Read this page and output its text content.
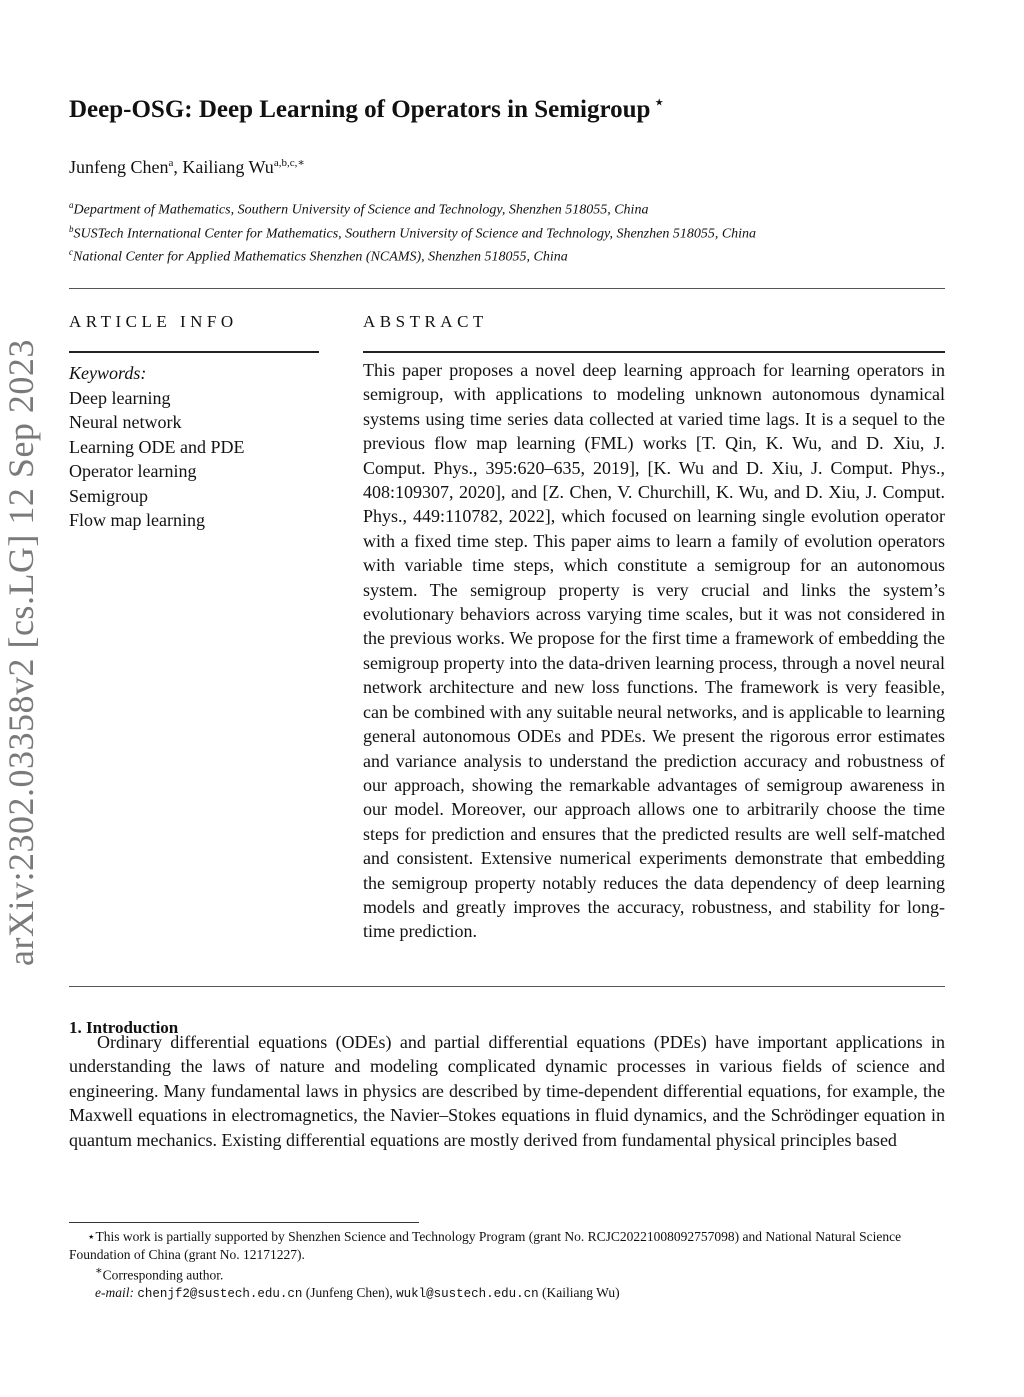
arXiv:2302.03358v2 [cs.LG] 12 Sep 2023
Deep-OSG: Deep Learning of Operators in Semigroup ⋆
Junfeng Chen$^a$, Kailiang $Wu^{a,b,c,∗}$
$^a$Department of Mathematics, Southern University of Science and Technology, Shenzhen 518055, China
$^b$SUSTech International Center for Mathematics, Southern University of Science and Technology, Shenzhen 518055, China
$^c$National Center for Applied Mathematics Shenzhen (NCAMS), Shenzhen 518055, China
ARTICLE INFO	ABSTRACT
Keywords:
Deep learning
Neural network
Learning ODE and PDE
Operator learning
Semigroup
Flow map learning
This paper proposes a novel deep learning approach for learning operators in semigroup, with applications to modeling unknown autonomous dynamical systems using time series data collected at varied time lags. It is a sequel to the previous flow map learning (FML) works [T. Qin, K. Wu, and D. Xiu, J. Comput. Phys., 395:620–635, 2019], [K. Wu and D. Xiu, J. Comput. Phys., 408:109307, 2020], and [Z. Chen, V. Churchill, K. Wu, and D. Xiu, J. Comput. Phys., 449:110782, 2022], which focused on learning single evolution operator with a fixed time step. This paper aims to learn a family of evolution operators with variable time steps, which constitute a semigroup for an autonomous system. The semigroup property is very crucial and links the system’s evolutionary behaviors across varying time scales, but it was not considered in the previous works. We propose for the first time a framework of embedding the semigroup property into the data-driven learning process, through a novel neural network architecture and new loss functions. The framework is very feasible, can be combined with any suitable neural networks, and is applicable to learning general autonomous ODEs and PDEs. We present the rigorous error estimates and variance analysis to understand the prediction accuracy and robustness of our approach, showing the remarkable advantages of semigroup awareness in our model. Moreover, our approach allows one to arbitrarily choose the time steps for prediction and ensures that the predicted results are well self-matched and consistent. Extensive numerical experiments demonstrate that embedding the semigroup property notably reduces the data dependency of deep learning models and greatly improves the accuracy, robustness, and stability for long-time prediction.
1. Introduction
Ordinary differential equations (ODEs) and partial differential equations (PDEs) have important applications in understanding the laws of nature and modeling complicated dynamic processes in various fields of science and engineering. Many fundamental laws in physics are described by time-dependent differential equations, for example, the Maxwell equations in electromagnetics, the Navier–Stokes equations in fluid dynamics, and the Schrödinger equation in quantum mechanics. Existing differential equations are mostly derived from fundamental physical principles based

⋆This work is partially supported by Shenzhen Science and Technology Program (grant No. RCJC20221008092757098) and National Natural Science Foundation of China (grant No. 12171227).

∗Corresponding author.

e-mail: chenjf2@sustech.edu.cn (Junfeng Chen), wukl@sustech.edu.cn (Kailiang Wu)
